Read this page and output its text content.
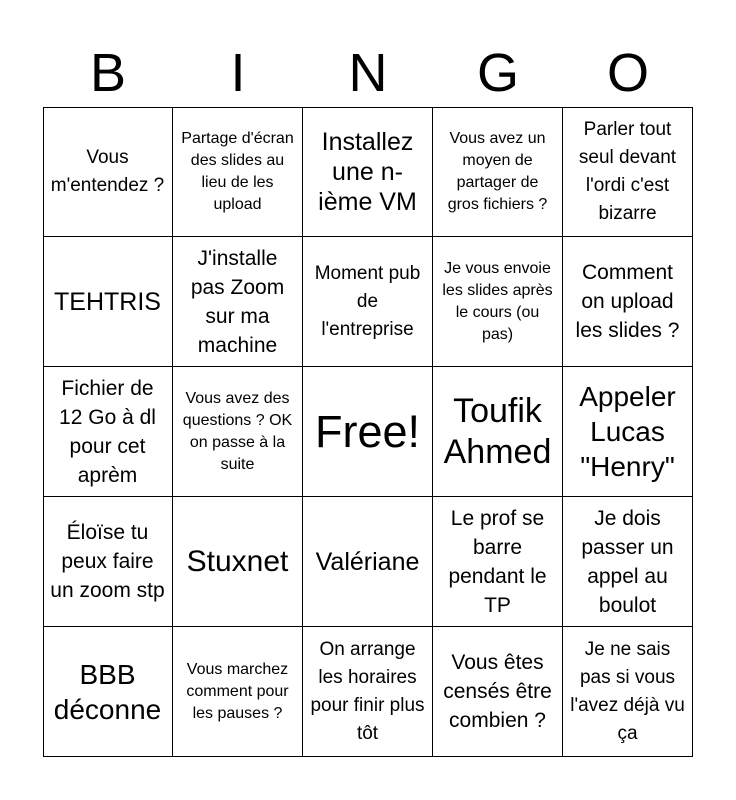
B	I	N	G	O
Vous m'entendez ?
Partage d'écran des slides au lieu de les upload
Installez une n-ième VM
Vous avez un moyen de partager de gros fichiers ?
Parler tout seul devant l'ordi c'est bizarre
TEHTRIS
J'installe pas Zoom sur ma machine
Moment pub de l'entreprise
Je vous envoie les slides après le cours (ou pas)
Comment on upload les slides ?
Fichier de 12 Go à dl pour cet aprèm
Vous avez des questions ? OK on passe à la suite
Free! Toufik Ahmed
Appeler Lucas "Henry"
Éloïse tu peux faire un zoom stp
Stuxnet Valériane
Le prof se barre pendant le TP
Je dois passer un appel au boulot
BBB déconne
Vous marchez comment pour les pauses ?
On arrange les horaires pour finir plus tôt
Vous êtes censés être combien ?
Je ne sais pas si vous l'avez déjà vu ça
